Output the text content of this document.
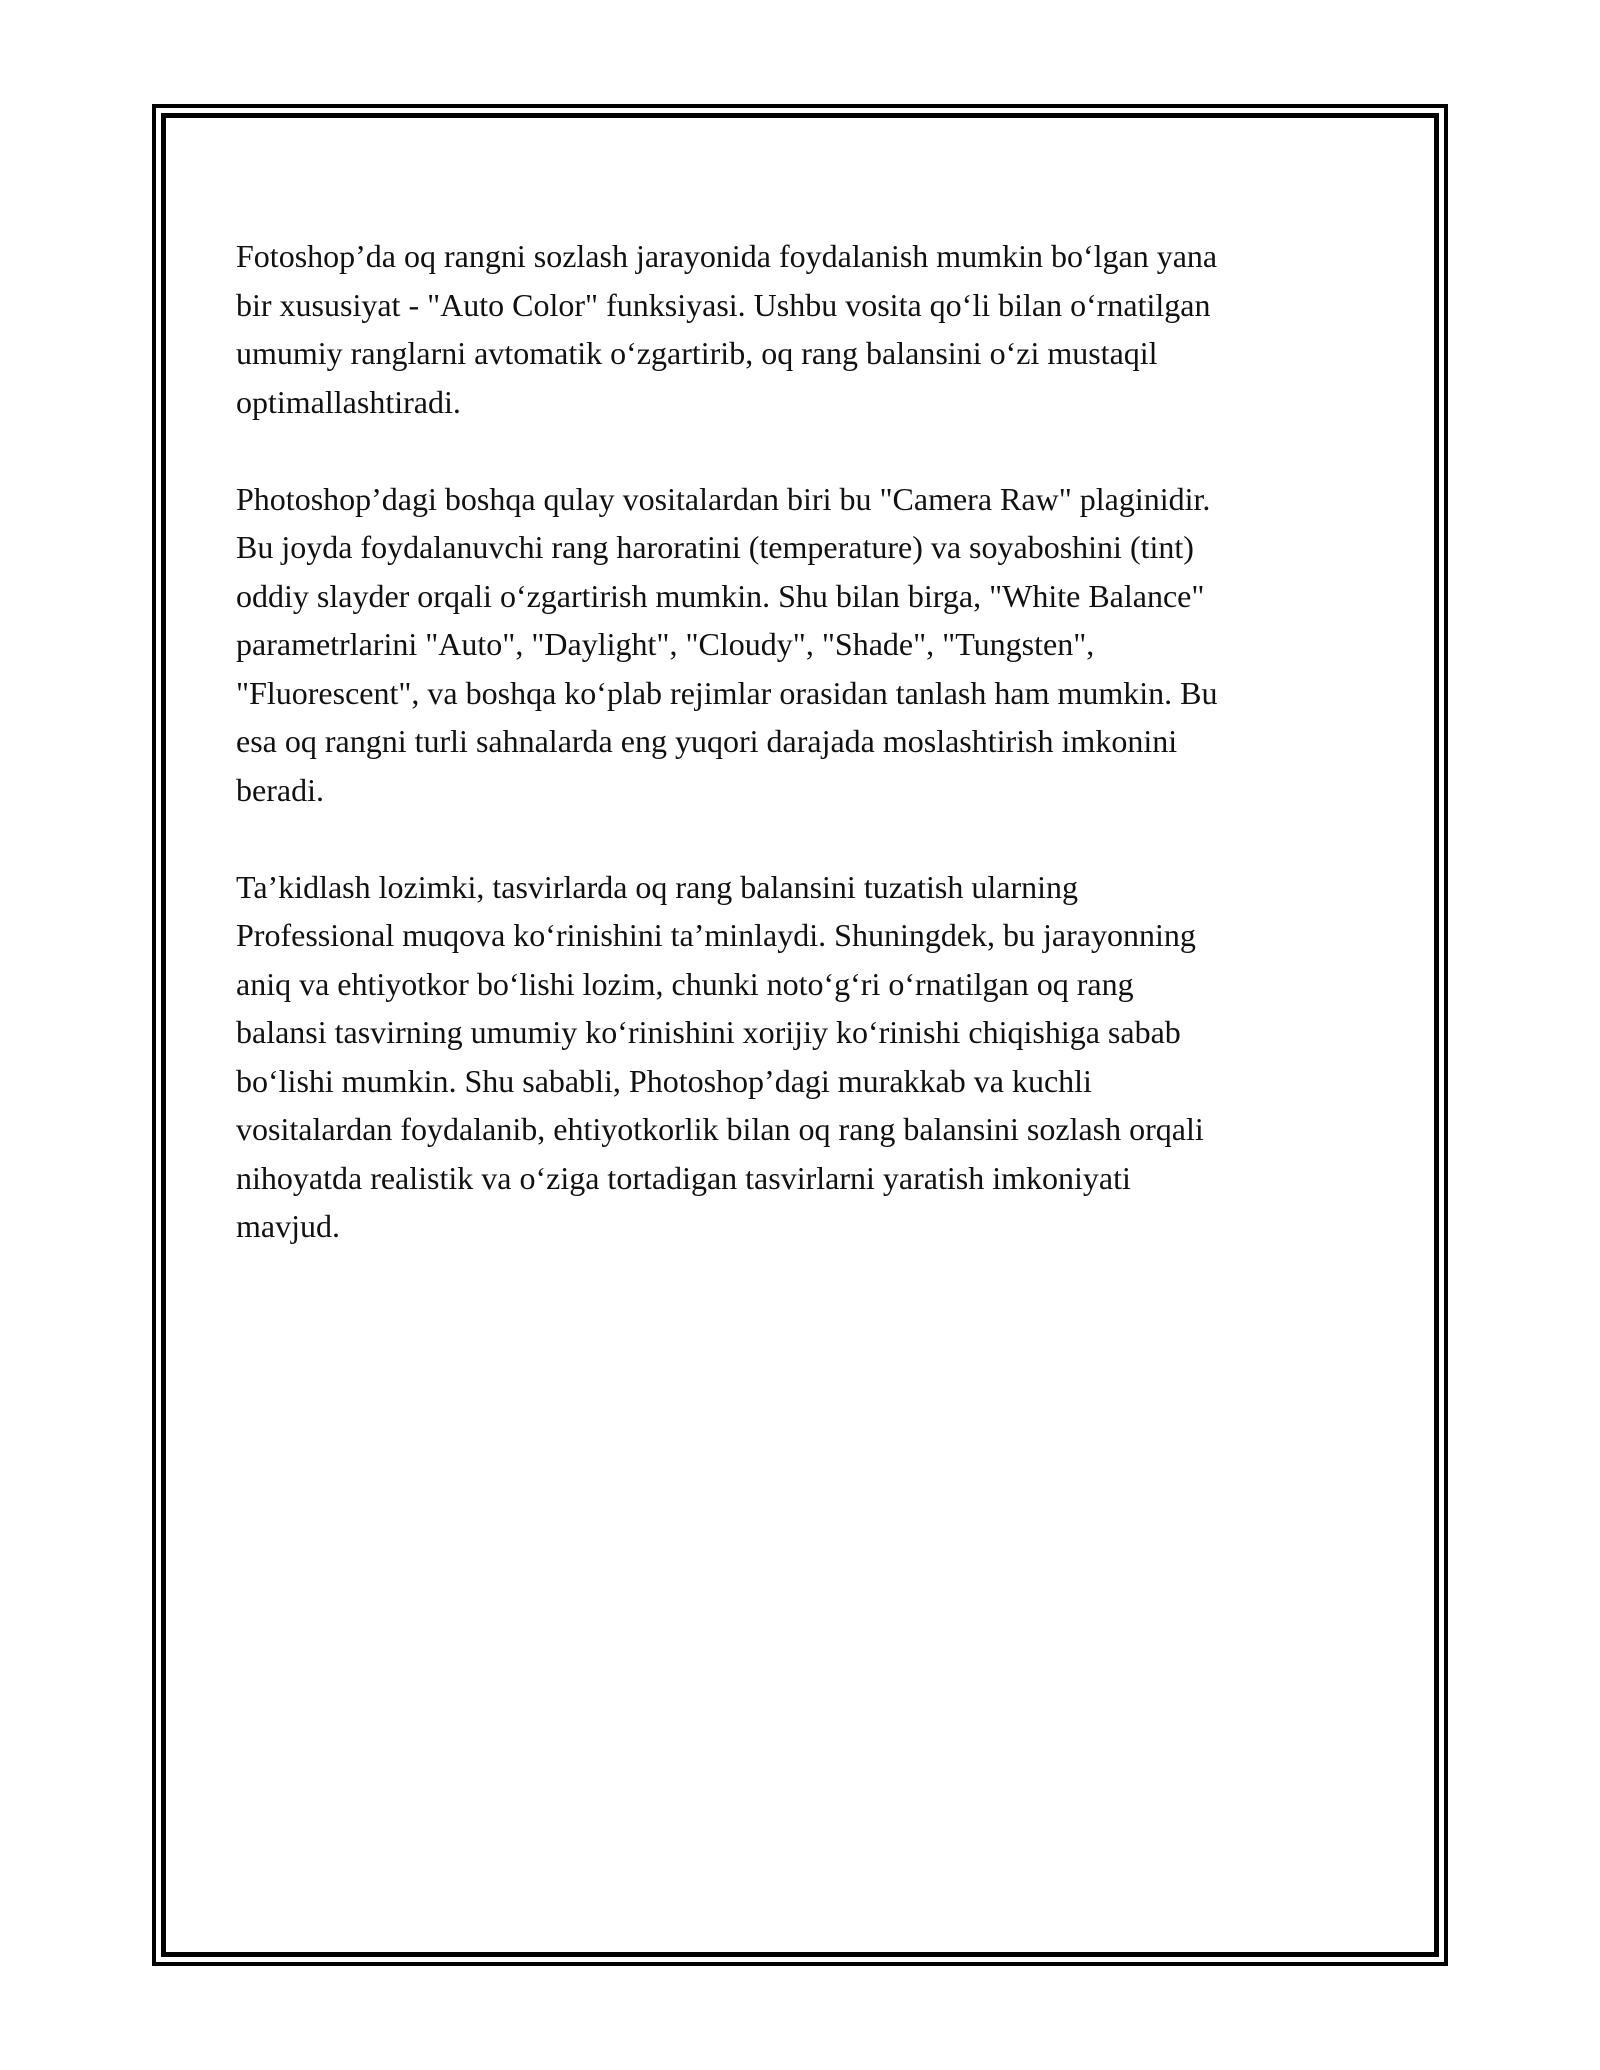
Fotoshop’da oq rangni sozlash jarayonida foydalanish mumkin bo‘lgan yana
bir xususiyat - "Auto Color" funksiyasi. Ushbu vosita qo‘li bilan o‘rnatilgan
umumiy ranglarni avtomatik o‘zgartirib, oq rang balansini o‘zi mustaqil
optimallashtiradi.

Photoshop’dagi boshqa qulay vositalardan biri bu "Camera Raw" plaginidir.
Bu joyda foydalanuvchi rang haroratini (temperature) va soyaboshini (tint)
oddiy slayder orqali o‘zgartirish mumkin. Shu bilan birga, "White Balance"
parametrlarini "Auto", "Daylight", "Cloudy", "Shade", "Tungsten",
"Fluorescent", va boshqa ko‘plab rejimlar orasidan tanlash ham mumkin. Bu
esa oq rangni turli sahnalarda eng yuqori darajada moslashtirish imkonini
beradi.

Ta’kidlash lozimki, tasvirlarda oq rang balansini tuzatish ularning
Professional muqova ko‘rinishini ta’minlaydi. Shuningdek, bu jarayonning
aniq va ehtiyotkor bo‘lishi lozim, chunki noto‘g‘ri o‘rnatilgan oq rang
balansi tasvirning umumiy ko‘rinishini xorijiy ko‘rinishi chiqishiga sabab
bo‘lishi mumkin. Shu sababli, Photoshop’dagi murakkab va kuchli
vositalardan foydalanib, ehtiyotkorlik bilan oq rang balansini sozlash orqali
nihoyatda realistik va o‘ziga tortadigan tasvirlarni yaratish imkoniyati
mavjud.
